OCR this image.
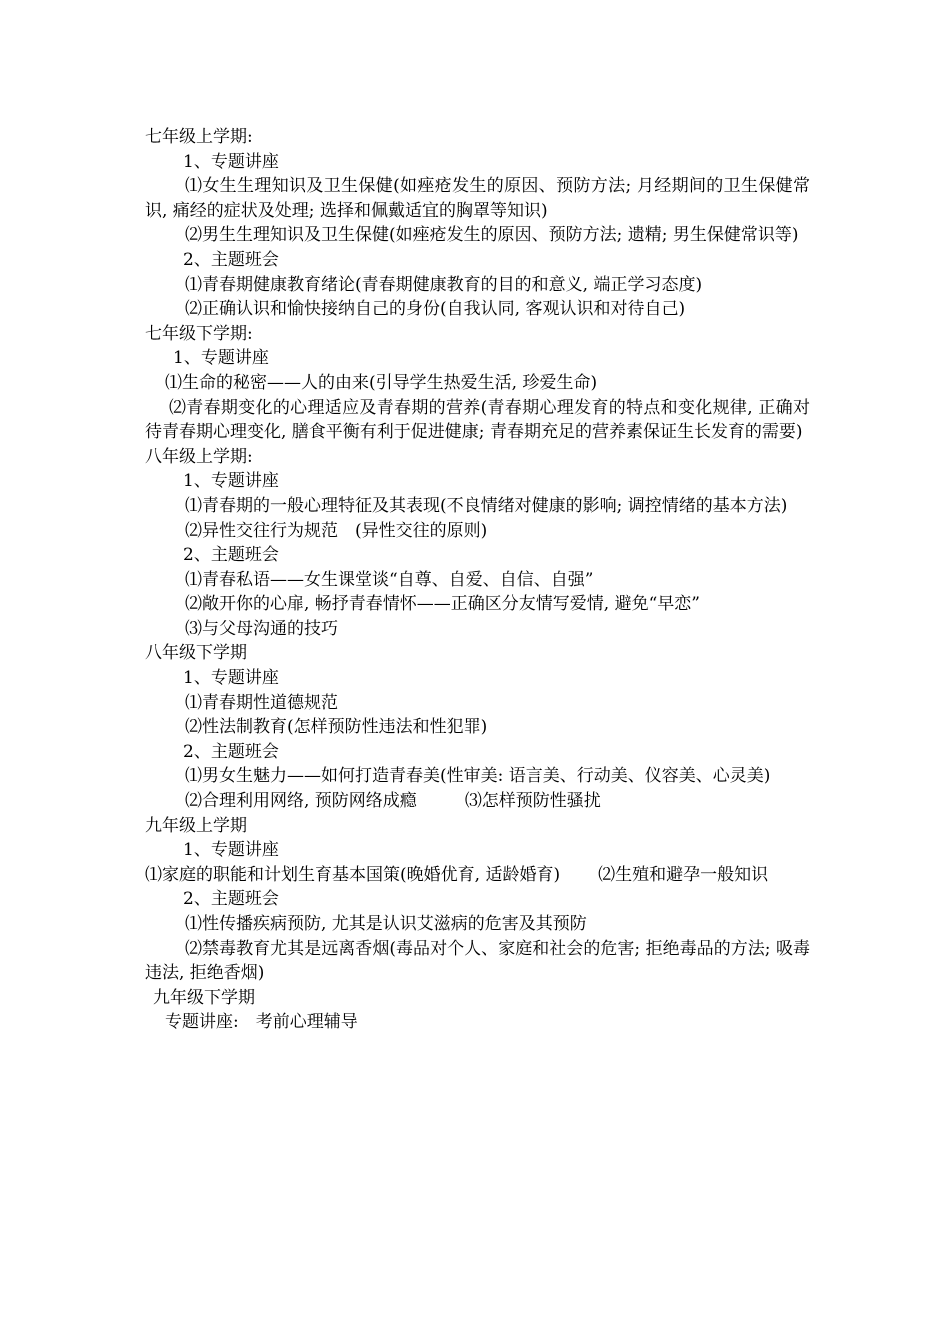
七年级上学期:
1、专题讲座
⑴女生生理知识及卫生保健(如痤疮发生的原因、预防方法; 月经期间的卫生保健常识, 痛经的症状及处理; 选择和佩戴适宜的胸罩等知识)
⑵男生生理知识及卫生保健(如痤疮发生的原因、预防方法; 遗精; 男生保健常识等)
2、主题班会
⑴青春期健康教育绪论(青春期健康教育的目的和意义, 端正学习态度)
⑵正确认识和愉快接纳自己的身份(自我认同, 客观认识和对待自己)
七年级下学期:
1、专题讲座
⑴生命的秘密——人的由来(引导学生热爱生活, 珍爱生命)
⑵青春期变化的心理适应及青春期的营养(青春期心理发育的特点和变化规律, 正确对待青春期心理变化, 膳食平衡有利于促进健康; 青春期充足的营养素保证生长发育的需要)
八年级上学期:
1、专题讲座
⑴青春期的一般心理特征及其表现(不良情绪对健康的影响; 调控情绪的基本方法)
⑵异性交往行为规范　(异性交往的原则)
2、主题班会
⑴青春私语——女生课堂谈“自尊、自爱、自信、自强”
⑵敞开你的心扉, 畅抒青春情怀——正确区分友情写爱情, 避免“早恋”
⑶与父母沟通的技巧
八年级下学期
1、专题讲座
⑴青春期性道德规范
⑵性法制教育(怎样预防性违法和性犯罪)
2、主题班会
⑴男女生魅力——如何打造青春美(性审美: 语言美、行动美、仪容美、心灵美)
⑵合理利用网络, 预防网络成瘾	⑶怎样预防性骚扰
九年级上学期
1、专题讲座
⑴家庭的职能和计划生育基本国策(晚婚优育, 适龄婚育) ⑵生殖和避孕一般知识
2、主题班会
⑴性传播疾病预防, 尤其是认识艾滋病的危害及其预防
⑵禁毒教育尤其是远离香烟(毒品对个人、家庭和社会的危害; 拒绝毒品的方法; 吸毒违法, 拒绝香烟)
九年级下学期
专题讲座:　考前心理辅导
